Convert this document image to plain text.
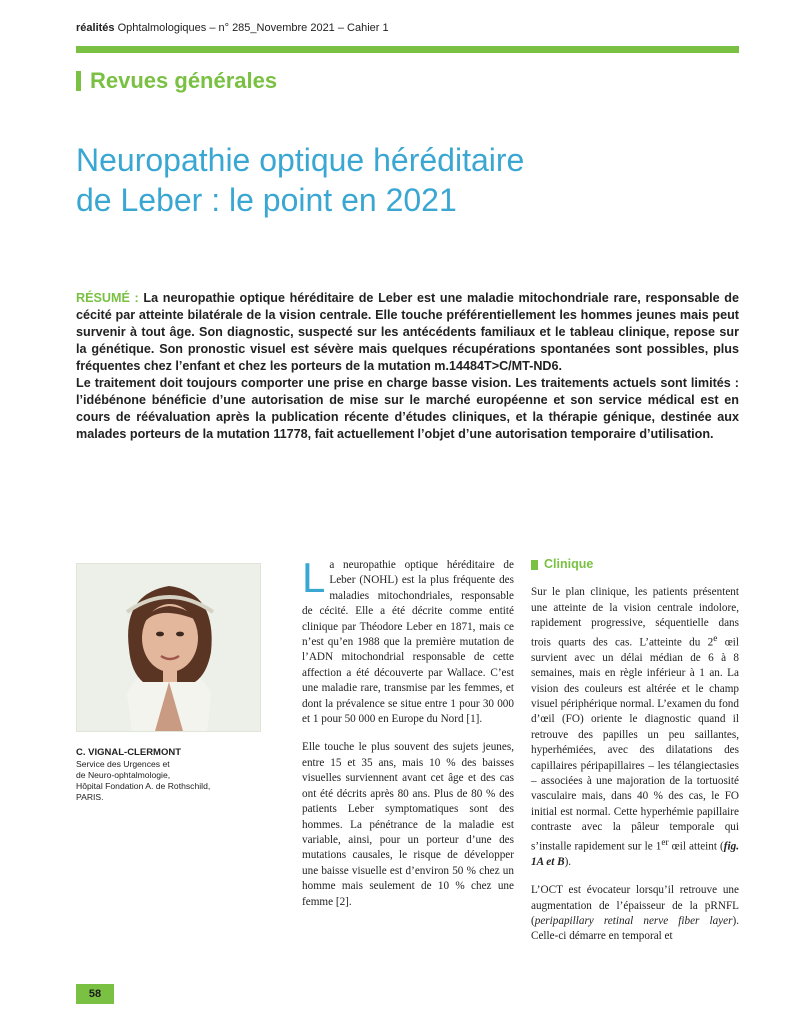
réalités Ophtalmologiques – n° 285_Novembre 2021 – Cahier 1
Revues générales
Neuropathie optique héréditaire
de Leber : le point en 2021

RÉSUMÉ : La neuropathie optique héréditaire de Leber est une maladie mitochondriale rare, responsable de cécité par atteinte bilatérale de la vision centrale. Elle touche préférentiellement les hommes jeunes mais peut survenir à tout âge. Son diagnostic, suspecté sur les antécédents familiaux et le tableau clinique, repose sur la génétique. Son pronostic visuel est sévère mais quelques récupérations spontanées sont possibles, plus fréquentes chez l’enfant et chez les porteurs de la mutation m.14484T>C/MT-ND6.

Le traitement doit toujours comporter une prise en charge basse vision. Les traitements actuels sont limités : l’idébénone bénéficie d’une autorisation de mise sur le marché européenne et son service médical est en cours de réévaluation après la publication récente d’études cliniques, et la thérapie génique, destinée aux malades porteurs de la mutation 11778, fait actuellement l’objet d’une autorisation temporaire d’utilisation.

C. VIGNAL-CLERMONT
Service des Urgences et
de Neuro-ophtalmologie,
Hôpital Fondation A. de Rothschild,
PARIS.

La neuropathie optique héréditaire de Leber (NOHL) est la plus fréquente des maladies mitochondriales, responsable de cécité. Elle a été décrite comme entité clinique par Théodore Leber en 1871, mais ce n’est qu’en 1988 que la première mutation de l’ADN mitochondrial responsable de cette affection a été découverte par Wallace. C’est une maladie rare, transmise par les femmes, et dont la prévalence se situe entre 1 pour 30 000 et 1 pour 50 000 en Europe du Nord [1].

Elle touche le plus souvent des sujets jeunes, entre 15 et 35 ans, mais 10 % des baisses visuelles surviennent avant cet âge et des cas ont été décrits après 80 ans. Plus de 80 % des patients Leber symptomatiques sont des hommes. La pénétrance de la maladie est variable, ainsi, pour un porteur d’une des mutations causales, le risque de développer une baisse visuelle est d’environ 50 % chez un homme mais seulement de 10 % chez une femme [2].

Clinique

Sur le plan clinique, les patients présentent une atteinte de la vision centrale indolore, rapidement progressive, séquentielle dans trois quarts des cas. L’atteinte du 2e œil survient avec un délai médian de 6 à 8 semaines, mais en règle inférieur à 1 an. La vision des couleurs est altérée et le champ visuel périphérique normal. L’examen du fond d’œil (FO) oriente le diagnostic quand il retrouve des papilles un peu saillantes, hyperhémiées, avec des dilatations des capillaires péripapillaires – les télangiectasies – associées à une majoration de la tortuosité vasculaire mais, dans 40 % des cas, le FO initial est normal. Cette hyperhémie papillaire contraste avec la pâleur temporale qui s’installe rapidement sur le 1er œil atteint (fig. 1A et B).

L’OCT est évocateur lorsqu’il retrouve une augmentation de l’épaisseur de la pRNFL (peripapillary retinal nerve fiber layer). Celle-ci démarre en temporal et

58
